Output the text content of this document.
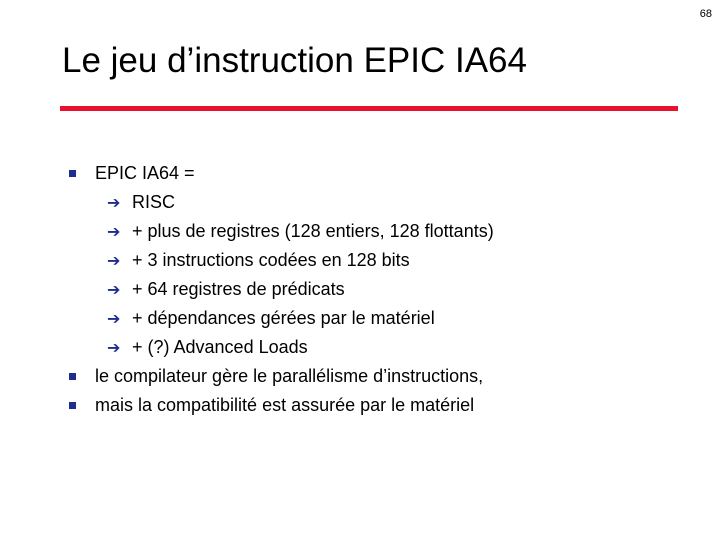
68
Le jeu d’instruction EPIC IA64
EPIC IA64 =
➔ RISC
➔ + plus de registres (128 entiers, 128 flottants)
➔ + 3 instructions codées en 128 bits
➔ + 64 registres de prédicats
➔ + dépendances gérées par le matériel
➔ + (?) Advanced Loads
le compilateur gère le parallélisme d’instructions,
mais la compatibilité est assurée par le matériel
